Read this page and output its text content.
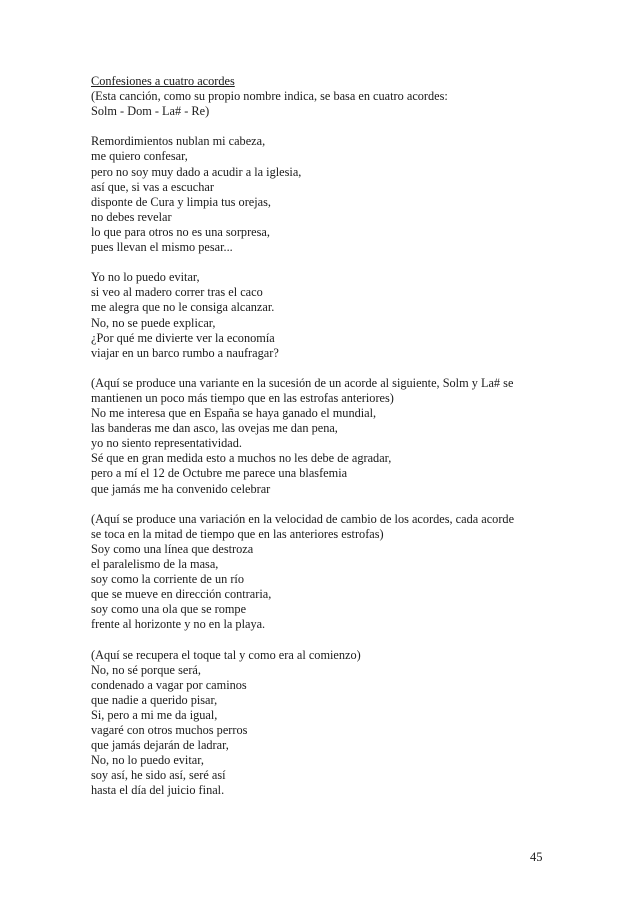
Confesiones a cuatro acordes
(Esta canción, como su propio nombre indica, se basa en cuatro acordes:
Solm - Dom - La# - Re)
Remordimientos nublan mi cabeza,
me quiero confesar,
pero no soy muy dado a acudir a la iglesia,
así que, si vas a escuchar
disponte de Cura y limpia tus orejas,
no debes revelar
lo que para otros no es una sorpresa,
pues llevan el mismo pesar...
Yo no lo puedo evitar,
si veo al madero correr tras el caco
me alegra que no le consiga alcanzar.
No, no se puede explicar,
¿Por qué me divierte ver la economía
viajar en un barco rumbo a naufragar?
(Aquí se produce una variante en la sucesión de un acorde al siguiente, Solm y La# se
mantienen un poco más tiempo que en las estrofas anteriores)
No me interesa que en España se haya ganado el mundial,
las banderas me dan asco, las ovejas me dan pena,
yo no siento representatividad.
Sé que en gran medida esto a muchos no les debe de agradar,
pero a mí el 12 de Octubre me parece una blasfemia
que jamás me ha convenido celebrar
(Aquí se produce una variación en la velocidad de cambio de los acordes, cada acorde
se toca en la mitad de tiempo que en las anteriores estrofas)
Soy como una línea que destroza
el paralelismo de la masa,
soy como la corriente de un río
que se mueve en dirección contraria,
soy como una ola que se rompe
frente al horizonte y no en la playa.
(Aquí se recupera el toque tal y como era al comienzo)
No, no sé porque será,
condenado a vagar por caminos
que nadie a querido pisar,
Si, pero a mi me da igual,
vagaré con otros muchos perros
que jamás dejarán de ladrar,
No, no lo puedo evitar,
soy así, he sido así, seré así
hasta el día del juicio final.
45
